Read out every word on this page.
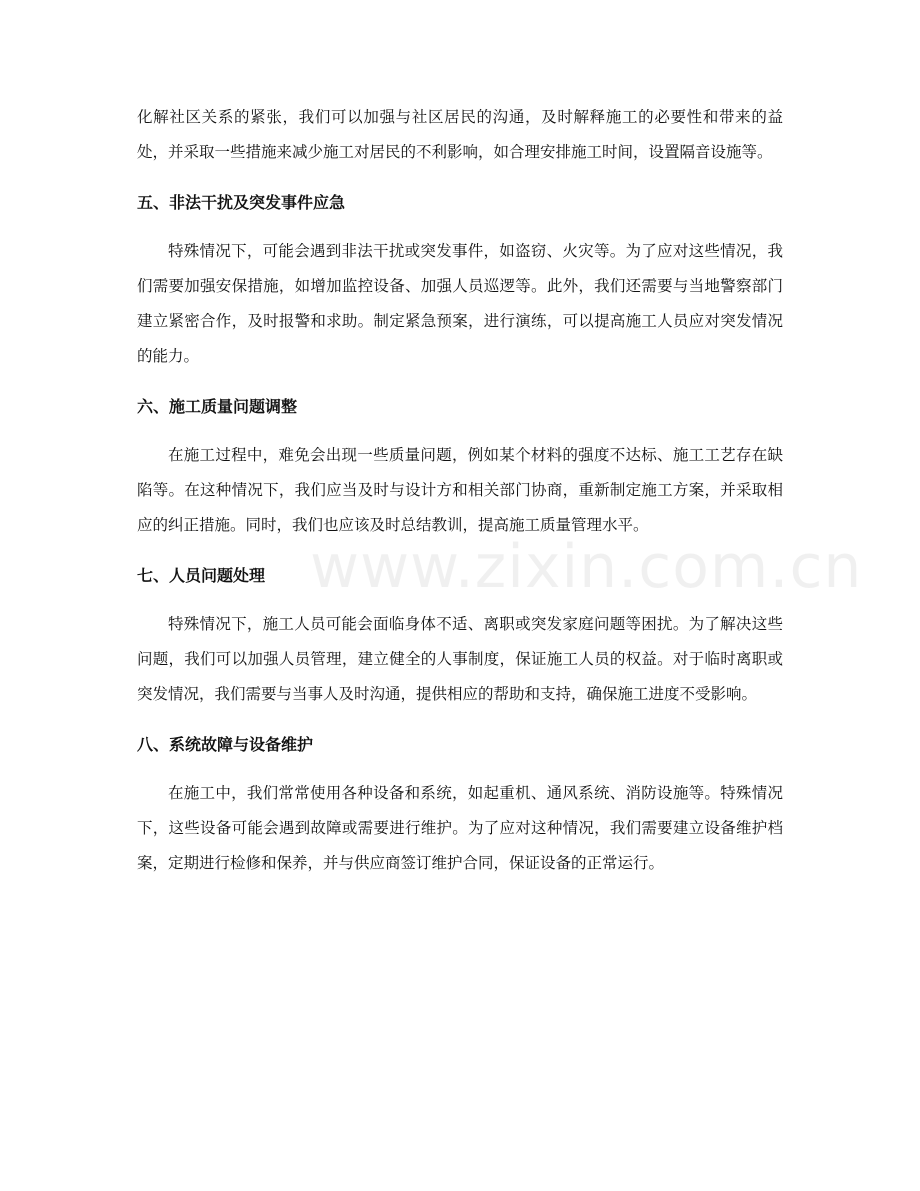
www.zixin.com.cn

化解社区关系的紧张，我们可以加强与社区居民的沟通，及时解释施工的必要性和带来的益处，并采取一些措施来减少施工对居民的不利影响，如合理安排施工时间，设置隔音设施等。

五、非法干扰及突发事件应急

特殊情况下，可能会遇到非法干扰或突发事件，如盗窃、火灾等。为了应对这些情况，我们需要加强安保措施，如增加监控设备、加强人员巡逻等。此外，我们还需要与当地警察部门建立紧密合作，及时报警和求助。制定紧急预案，进行演练，可以提高施工人员应对突发情况的能力。

六、施工质量问题调整

在施工过程中，难免会出现一些质量问题，例如某个材料的强度不达标、施工工艺存在缺陷等。在这种情况下，我们应当及时与设计方和相关部门协商，重新制定施工方案，并采取相应的纠正措施。同时，我们也应该及时总结教训，提高施工质量管理水平。

七、人员问题处理

特殊情况下，施工人员可能会面临身体不适、离职或突发家庭问题等困扰。为了解决这些问题，我们可以加强人员管理，建立健全的人事制度，保证施工人员的权益。对于临时离职或突发情况，我们需要与当事人及时沟通，提供相应的帮助和支持，确保施工进度不受影响。

八、系统故障与设备维护

在施工中，我们常常使用各种设备和系统，如起重机、通风系统、消防设施等。特殊情况下，这些设备可能会遇到故障或需要进行维护。为了应对这种情况，我们需要建立设备维护档案，定期进行检修和保养，并与供应商签订维护合同，保证设备的正常运行。
